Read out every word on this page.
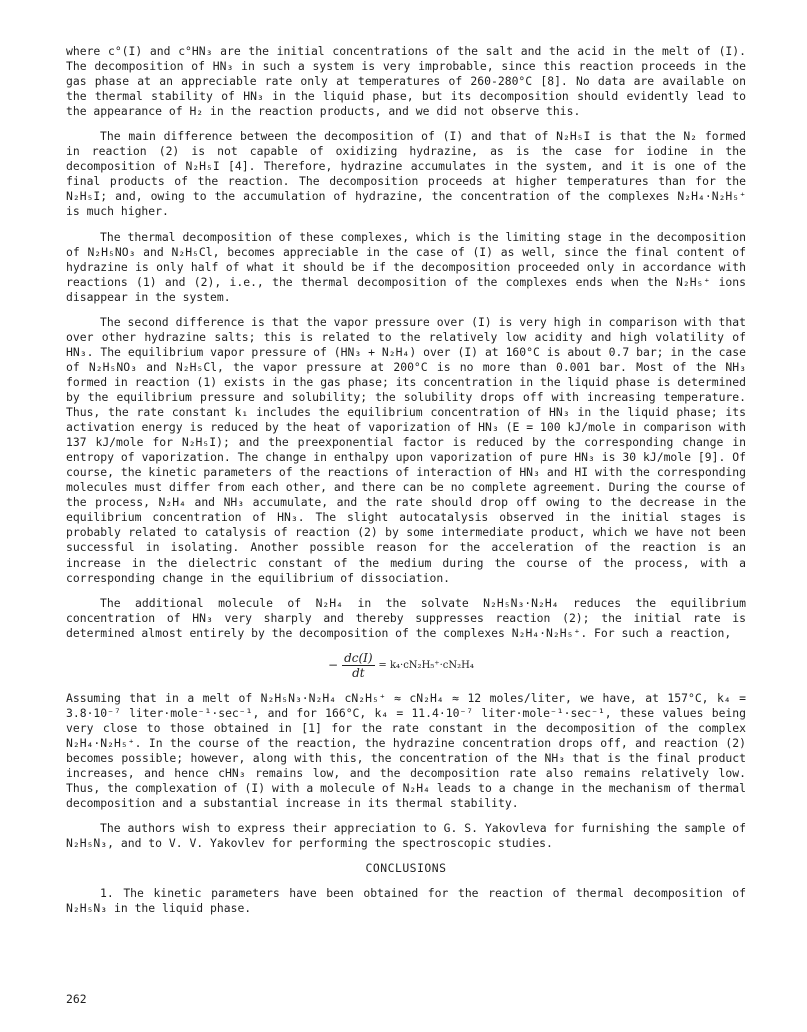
where c°(I) and c°HN₃ are the initial concentrations of the salt and the acid in the melt of (I). The decomposition of HN₃ in such a system is very improbable, since this reaction proceeds in the gas phase at an appreciable rate only at temperatures of 260-280°C [8]. No data are available on the thermal stability of HN₃ in the liquid phase, but its decomposition should evidently lead to the appearance of H₂ in the reaction products, and we did not observe this.

The main difference between the decomposition of (I) and that of N₂H₅I is that the N₂ formed in reaction (2) is not capable of oxidizing hydrazine, as is the case for iodine in the decomposition of N₂H₅I [4]. Therefore, hydrazine accumulates in the system, and it is one of the final products of the reaction. The decomposition proceeds at higher temperatures than for the N₂H₅I; and, owing to the accumulation of hydrazine, the concentration of the complexes N₂H₄·N₂H₅⁺ is much higher.

The thermal decomposition of these complexes, which is the limiting stage in the decomposition of N₂H₅NO₃ and N₂H₅Cl, becomes appreciable in the case of (I) as well, since the final content of hydrazine is only half of what it should be if the decomposition proceeded only in accordance with reactions (1) and (2), i.e., the thermal decomposition of the complexes ends when the N₂H₅⁺ ions disappear in the system.

The second difference is that the vapor pressure over (I) is very high in comparison with that over other hydrazine salts; this is related to the relatively low acidity and high volatility of HN₃. The equilibrium vapor pressure of (HN₃ + N₂H₄) over (I) at 160°C is about 0.7 bar; in the case of N₂H₅NO₃ and N₂H₅Cl, the vapor pressure at 200°C is no more than 0.001 bar. Most of the NH₃ formed in reaction (1) exists in the gas phase; its concentration in the liquid phase is determined by the equilibrium pressure and solubility; the solubility drops off with increasing temperature. Thus, the rate constant k₁ includes the equilibrium concentration of HN₃ in the liquid phase; its activation energy is reduced by the heat of vaporization of HN₃ (E = 100 kJ/mole in comparison with 137 kJ/mole for N₂H₅I); and the preexponential factor is reduced by the corresponding change in entropy of vaporization. The change in enthalpy upon vaporization of pure HN₃ is 30 kJ/mole [9]. Of course, the kinetic parameters of the reactions of interaction of HN₃ and HI with the corresponding molecules must differ from each other, and there can be no complete agreement. During the course of the process, N₂H₄ and NH₃ accumulate, and the rate should drop off owing to the decrease in the equilibrium concentration of HN₃. The slight autocatalysis observed in the initial stages is probably related to catalysis of reaction (2) by some intermediate product, which we have not been successful in isolating. Another possible reason for the acceleration of the reaction is an increase in the dielectric constant of the medium during the course of the process, with a corresponding change in the equilibrium of dissociation.

The additional molecule of N₂H₄ in the solvate N₂H₅N₃·N₂H₄ reduces the equilibrium concentration of HN₃ very sharply and thereby suppresses reaction (2); the initial rate is determined almost entirely by the decomposition of the complexes N₂H₄·N₂H₅⁺. For such a reaction,

− $\frac{dc(I)}{dt} = k_4\cdot cN_2H_5^+\cdot cN_2H_4$

Assuming that in a melt of N₂H₅N₃·N₂H₄ cN₂H₅⁺ ≈ cN₂H₄ ≈ 12 moles/liter, we have, at 157°C, k₄ = 3.8·10⁻⁷ liter·mole⁻¹·sec⁻¹, and for 166°C, k₄ = 11.4·10⁻⁷ liter·mole⁻¹·sec⁻¹, these values being very close to those obtained in [1] for the rate constant in the decomposition of the complex N₂H₄·N₂H₅⁺. In the course of the reaction, the hydrazine concentration drops off, and reaction (2) becomes possible; however, along with this, the concentration of the NH₃ that is the final product increases, and hence cHN₃ remains low, and the decomposition rate also remains relatively low. Thus, the complexation of (I) with a molecule of N₂H₄ leads to a change in the mechanism of thermal decomposition and a substantial increase in its thermal stability.

The authors wish to express their appreciation to G. S. Yakovleva for furnishing the sample of N₂H₅N₃, and to V. V. Yakovlev for performing the spectroscopic studies.

CONCLUSIONS

1. The kinetic parameters have been obtained for the reaction of thermal decomposition of N₂H₅N₃ in the liquid phase.

262
